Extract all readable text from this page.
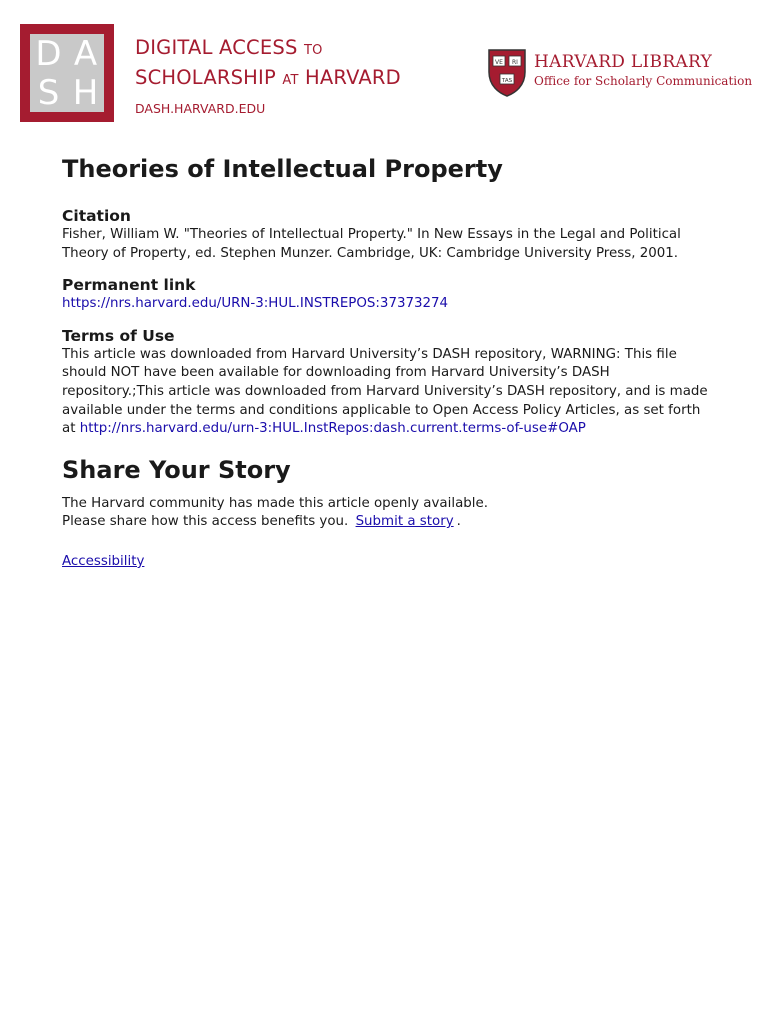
D A
S H
DIGITAL ACCESS TO
SCHOLARSHIP AT HARVARD
DASH.HARVARD.EDU
VE RI
TAS
HARVARD LIBRARY
Office for Scholarly Communication
Theories of Intellectual Property
Citation

Fisher, William W. "Theories of Intellectual Property." In New Essays in the Legal and Political Theory of Property, ed. Stephen Munzer. Cambridge, UK: Cambridge University Press, 2001.

Permanent link

https://nrs.harvard.edu/URN-3:HUL.INSTREPOS:37373274

Terms of Use

This article was downloaded from Harvard University’s DASH repository, WARNING: This file should NOT have been available for downloading from Harvard University’s DASH repository.;This article was downloaded from Harvard University’s DASH repository, and is made available under the terms and conditions applicable to Open Access Policy Articles, as set forth at http://nrs.harvard.edu/urn-3:HUL.InstRepos:dash.current.terms-of-use#OAP

Share Your Story

The Harvard community has made this article openly available.
Please share how this access benefits you. Submit a story .

Accessibility
